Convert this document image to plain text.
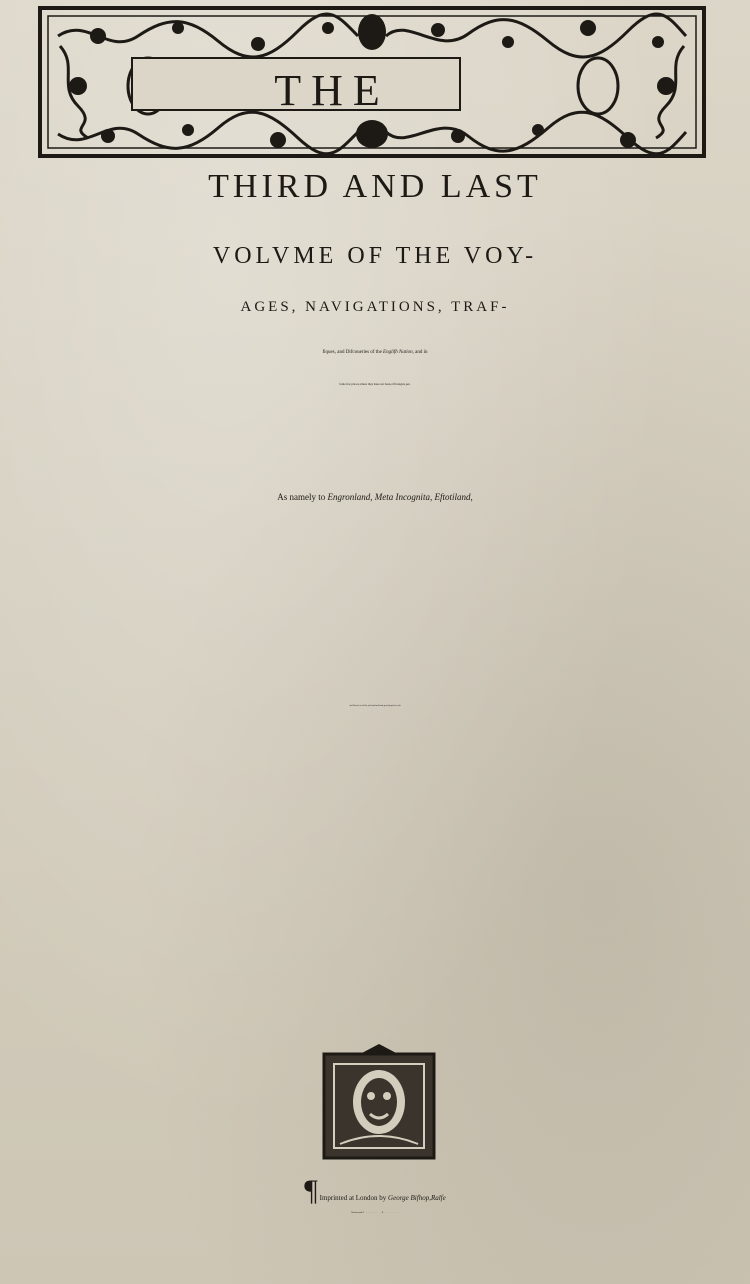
THE
THIRD AND LAST
VOLVME OF THE VOY-
AGES, NAVIGATIONS, TRAF-
fiques, and Difcoueries of the Englifh Nation, and in
fome few places,where they haue not been,of ftrangers,per-
As namely to Engronland, Meta Incognita, Eftotiland,
And likewife to all the yles both fmall and great lying before the
¶ Imprinted at London by George Bifhop,Ralfe
Newberie,and Robert Barker.
